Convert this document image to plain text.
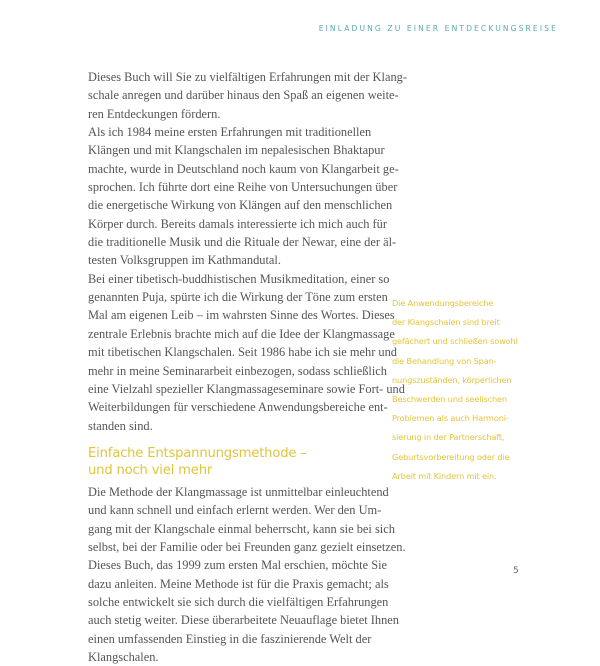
EINLADUNG ZU EINER ENTDECKUNGSREISE

Dieses Buch will Sie zu vielfältigen Erfahrungen mit der Klang-
schale anregen und darüber hinaus den Spaß an eigenen weite-
ren Entdeckungen fördern.

Als ich 1984 meine ersten Erfahrungen mit traditionellen
Klängen und mit Klangschalen im nepalesischen Bhaktapur
machte, wurde in Deutschland noch kaum von Klangarbeit ge-
sprochen. Ich führte dort eine Reihe von Untersuchungen über
die energetische Wirkung von Klängen auf den menschlichen
Körper durch. Bereits damals interessierte ich mich auch für
die traditionelle Musik und die Rituale der Newar, eine der äl-
testen Volksgruppen im Kathmandutal.

Bei einer tibetisch-buddhistischen Musikmeditation, einer so
genannten Puja, spürte ich die Wirkung der Töne zum ersten
Mal am eigenen Leib – im wahrsten Sinne des Wortes. Dieses
zentrale Erlebnis brachte mich auf die Idee der Klangmassage
mit tibetischen Klangschalen. Seit 1986 habe ich sie mehr und
mehr in meine Seminararbeit einbezogen, sodass schließlich
eine Vielzahl spezieller Klangmassageseminare sowie Fort- und
Weiterbildungen für verschiedene Anwendungsbereiche ent-
standen sind.

Einfache Entspannungsmethode –
und noch viel mehr

Die Methode der Klangmassage ist unmittelbar einleuchtend
und kann schnell und einfach erlernt werden. Wer den Um-
gang mit der Klangschale einmal beherrscht, kann sie bei sich
selbst, bei der Familie oder bei Freunden ganz gezielt einsetzen.
Dieses Buch, das 1999 zum ersten Mal erschien, möchte Sie
dazu anleiten. Meine Methode ist für die Praxis gemacht; als
solche entwickelt sie sich durch die vielfältigen Erfahrungen
auch stetig weiter. Diese überarbeitete Neuauflage bietet Ihnen
einen umfassenden Einstieg in die faszinierende Welt der
Klangschalen.

Die Anwendungsbereiche
der Klangschalen sind breit
gefächert und schließen sowohl
die Behandlung von Span-
nungszuständen, körperlichen
Beschwerden und seelischen
Problemen als auch Harmoni-
sierung in der Partnerschaft,
Geburtsvorbereitung oder die
Arbeit mit Kindern mit ein.
5
